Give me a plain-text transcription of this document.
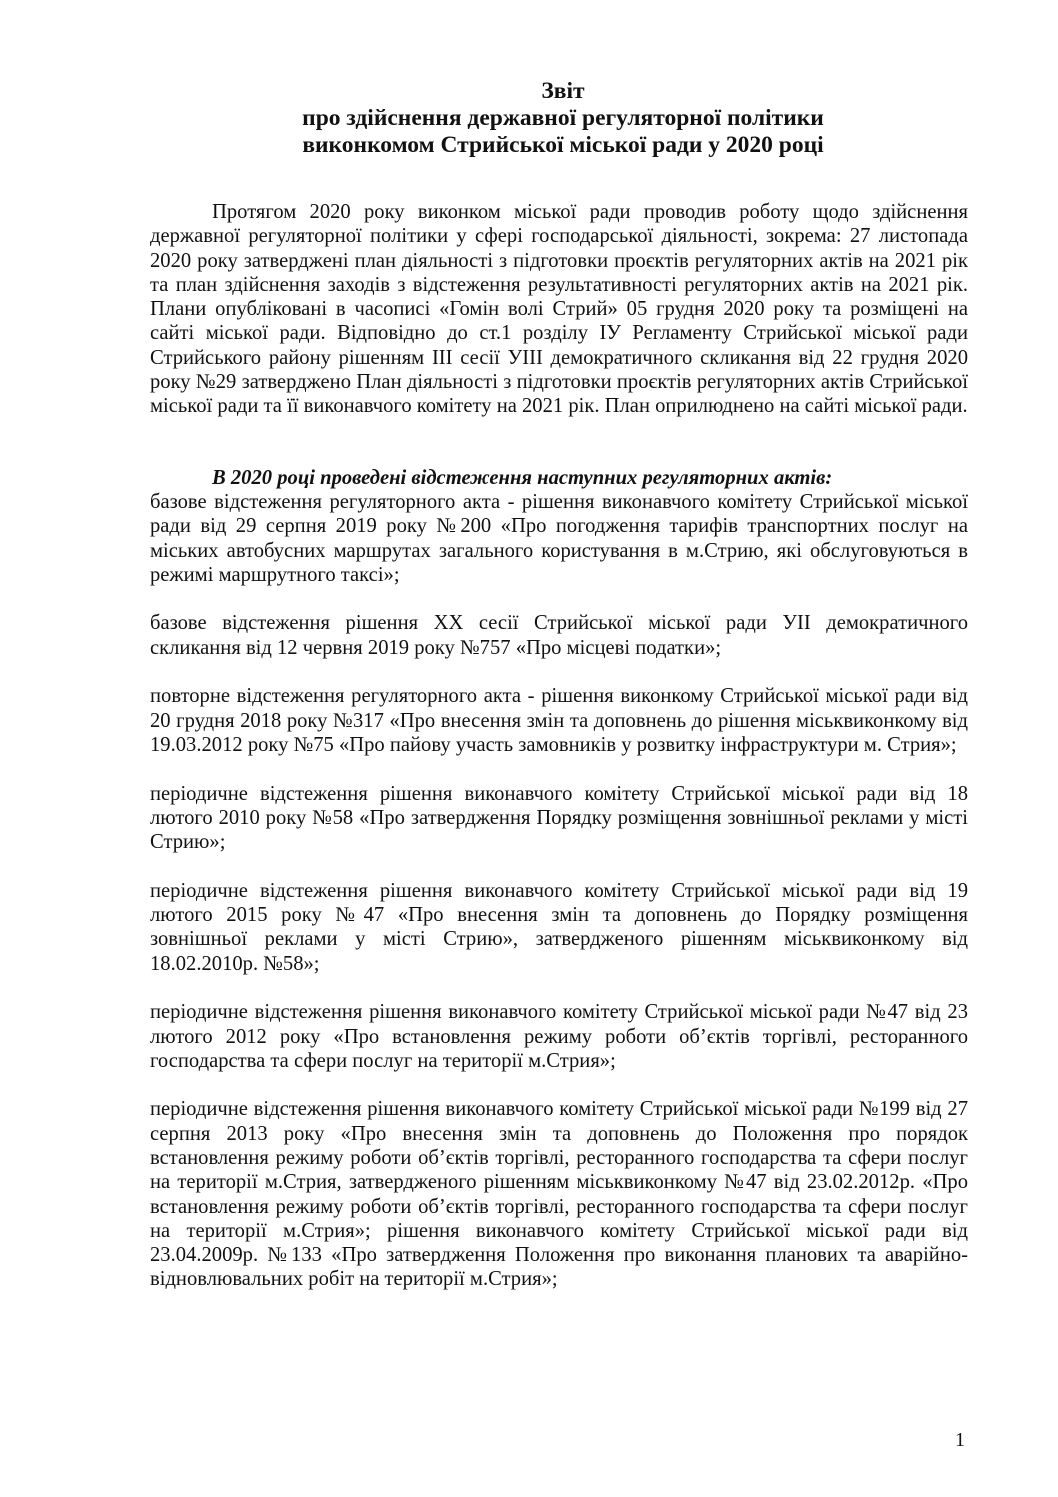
Звіт
про здійснення державної регуляторної політики
виконкомом Стрийської міської ради у 2020 році

Протягом 2020 року виконком міської ради проводив роботу щодо здійснення державної регуляторної політики у сфері господарської діяльності, зокрема: 27 листопада 2020 року затверджені план діяльності з підготовки проєктів регуляторних актів на 2021 рік та план здійснення заходів з відстеження результативності регуляторних актів на 2021 рік. Плани опубліковані в часописі «Гомін волі Стрий» 05 грудня 2020 року та розміщені на сайті міської ради. Відповідно до ст.1 розділу ІУ Регламенту Стрийської міської ради Стрийського району рішенням ІІІ сесії УІІІ демократичного скликання від 22 грудня 2020 року №29 затверджено План діяльності з підготовки проєктів регуляторних актів Стрийської міської ради та її виконавчого комітету на 2021 рік. План оприлюднено на сайті міської ради.

В 2020 році проведені відстеження наступних регуляторних актів:
базове відстеження регуляторного акта - рішення виконавчого комітету Стрийської міської ради від 29 серпня 2019 року №200 «Про погодження тарифів транспортних послуг на міських автобусних маршрутах загального користування в м.Стрию, які обслуговуються в режимі маршрутного таксі»;
базове відстеження рішення XX сесії Стрийської міської ради УІІ демократичного скликання від 12 червня 2019 року №757 «Про місцеві податки»;
повторне відстеження регуляторного акта - рішення виконкому Стрийської міської ради від 20 грудня 2018 року №317 «Про внесення змін та доповнень до рішення міськвиконкому від 19.03.2012 року №75 «Про пайову участь замовників у розвитку інфраструктури м. Стрия»;
періодичне відстеження рішення виконавчого комітету Стрийської міської ради від 18 лютого 2010 року №58 «Про затвердження Порядку розміщення зовнішньої реклами у місті Стрию»;
періодичне відстеження рішення виконавчого комітету Стрийської міської ради від 19 лютого 2015 року №47 «Про внесення змін та доповнень до Порядку розміщення зовнішньої реклами у місті Стрию», затвердженого рішенням міськвиконкому від 18.02.2010р. №58»;
періодичне відстеження рішення виконавчого комітету Стрийської міської ради №47 від 23 лютого 2012 року «Про встановлення режиму роботи об’єктів торгівлі, ресторанного господарства та сфери послуг на території м.Стрия»;
періодичне відстеження рішення виконавчого комітету Стрийської міської ради №199 від 27 серпня 2013 року «Про внесення змін та доповнень до Положення про порядок встановлення режиму роботи об’єктів торгівлі, ресторанного господарства та сфери послуг на території м.Стрия, затвердженого рішенням міськвиконкому №47 від 23.02.2012р. «Про встановлення режиму роботи об’єктів торгівлі, ресторанного господарства та сфери послуг на території м.Стрия»; рішення виконавчого комітету Стрийської міської ради від 23.04.2009р. №133 «Про затвердження Положення про виконання планових та аварійно-відновлювальних робіт на території м.Стрия»;
1
